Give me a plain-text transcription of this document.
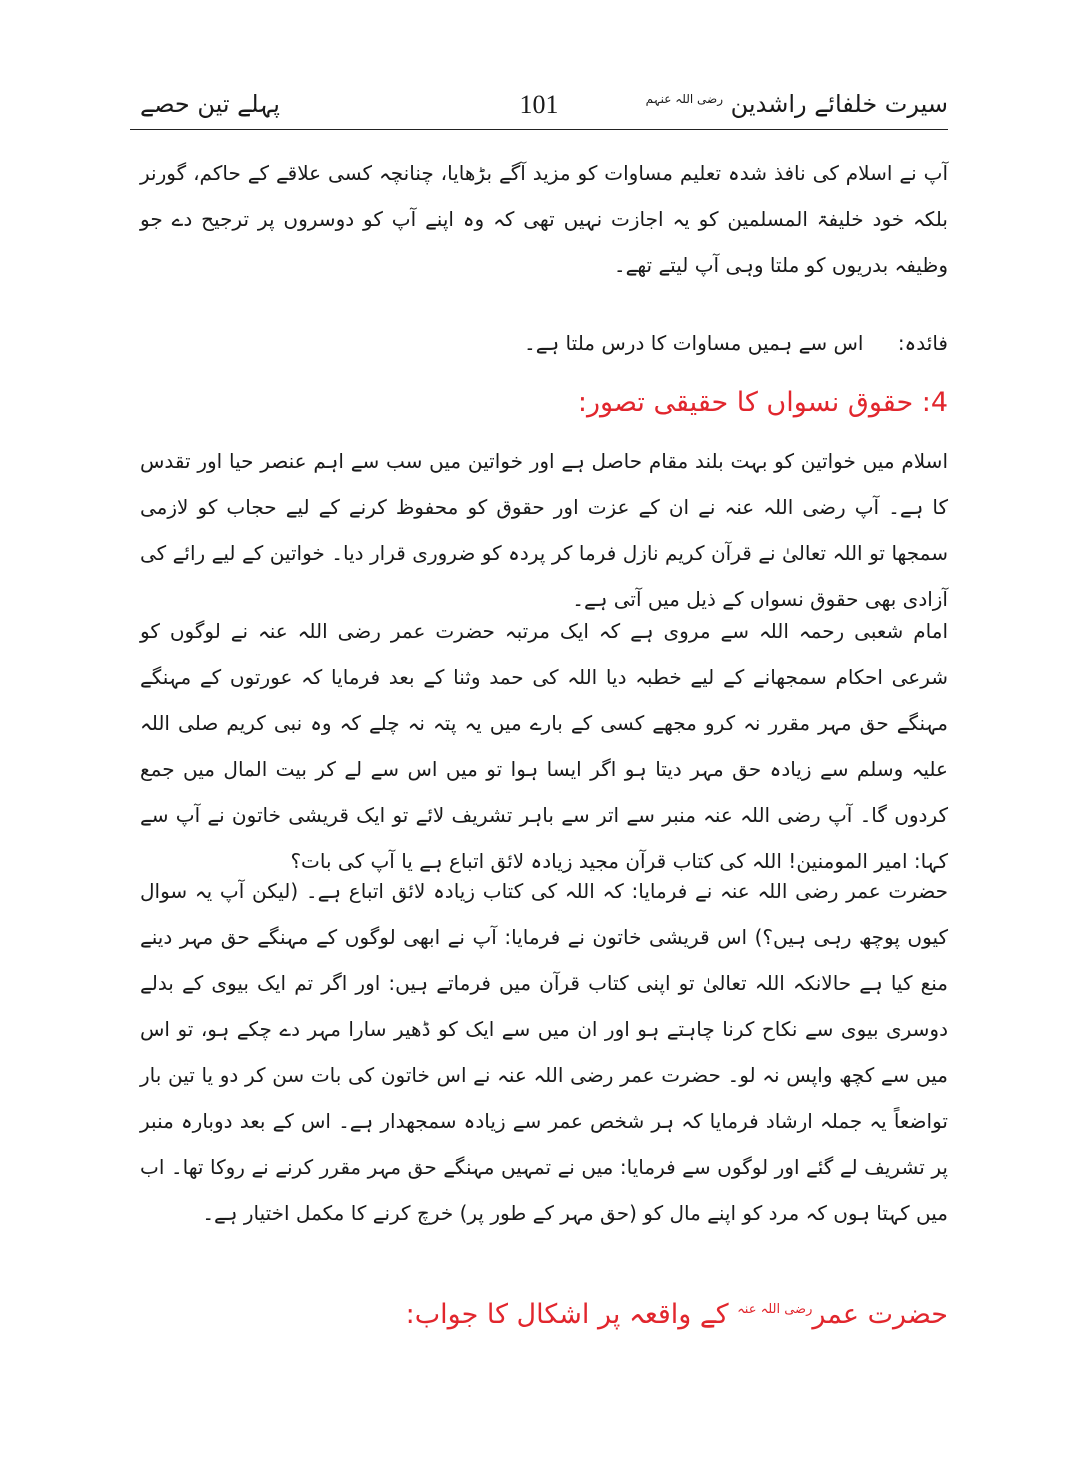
سیرت خلفائے راشدین $^{رضی اللہ عنہم}$
101
پہلے تین حصے

آپ نے اسلام کی نافذ شدہ تعلیم مساوات کو مزید آگے بڑھایا، چنانچہ کسی علاقے کے حاکم، گورنر بلکہ خود خلیفۃ المسلمین کو یہ اجازت نہیں تھی کہ وہ اپنے آپ کو دوسروں پر ترجیح دے جو وظیفہ بدریوں کو ملتا وہی آپ لیتے تھے۔

فائدہ: اس سے ہمیں مساوات کا درس ملتا ہے۔

4: حقوق نسواں کا حقیقی تصور:

اسلام میں خواتین کو بہت بلند مقام حاصل ہے اور خواتین میں سب سے اہم عنصر حیا اور تقدس کا ہے۔ آپ رضی اللہ عنہ نے ان کے عزت اور حقوق کو محفوظ کرنے کے لیے حجاب کو لازمی سمجھا تو اللہ تعالیٰ نے قرآن کریم نازل فرما کر پردہ کو ضروری قرار دیا۔ خواتین کے لیے رائے کی آزادی بھی حقوق نسواں کے ذیل میں آتی ہے۔

امام شعبی رحمہ اللہ سے مروی ہے کہ ایک مرتبہ حضرت عمر رضی اللہ عنہ نے لوگوں کو شرعی احکام سمجھانے کے لیے خطبہ دیا اللہ کی حمد وثنا کے بعد فرمایا کہ عورتوں کے مہنگے مہنگے حق مہر مقرر نہ کرو مجھے کسی کے بارے میں یہ پتہ نہ چلے کہ وہ نبی کریم صلی اللہ علیہ وسلم سے زیادہ حق مہر دیتا ہو اگر ایسا ہوا تو میں اس سے لے کر بیت المال میں جمع کردوں گا۔ آپ رضی اللہ عنہ منبر سے اتر سے باہر تشریف لائے تو ایک قریشی خاتون نے آپ سے کہا: امیر المومنین! اللہ کی کتاب قرآن مجید زیادہ لائق اتباع ہے یا آپ کی بات؟

حضرت عمر رضی اللہ عنہ نے فرمایا: کہ اللہ کی کتاب زیادہ لائق اتباع ہے۔ (لیکن آپ یہ سوال کیوں پوچھ رہی ہیں؟) اس قریشی خاتون نے فرمایا: آپ نے ابھی لوگوں کے مہنگے حق مہر دینے منع کیا ہے حالانکہ اللہ تعالیٰ تو اپنی کتاب قرآن میں فرماتے ہیں: اور اگر تم ایک بیوی کے بدلے دوسری بیوی سے نکاح کرنا چاہتے ہو اور ان میں سے ایک کو ڈھیر سارا مہر دے چکے ہو، تو اس میں سے کچھ واپس نہ لو۔ حضرت عمر رضی اللہ عنہ نے اس خاتون کی بات سن کر دو یا تین بار تواضعاً یہ جملہ ارشاد فرمایا کہ ہر شخص عمر سے زیادہ سمجھدار ہے۔ اس کے بعد دوبارہ منبر پر تشریف لے گئے اور لوگوں سے فرمایا: میں نے تمہیں مہنگے حق مہر مقرر کرنے نے روکا تھا۔ اب میں کہتا ہوں کہ مرد کو اپنے مال کو (حق مہر کے طور پر) خرچ کرنے کا مکمل اختیار ہے۔

حضرت عمر$^{رضی اللہ عنہ}$ کے واقعہ پر اشکال کا جواب:
